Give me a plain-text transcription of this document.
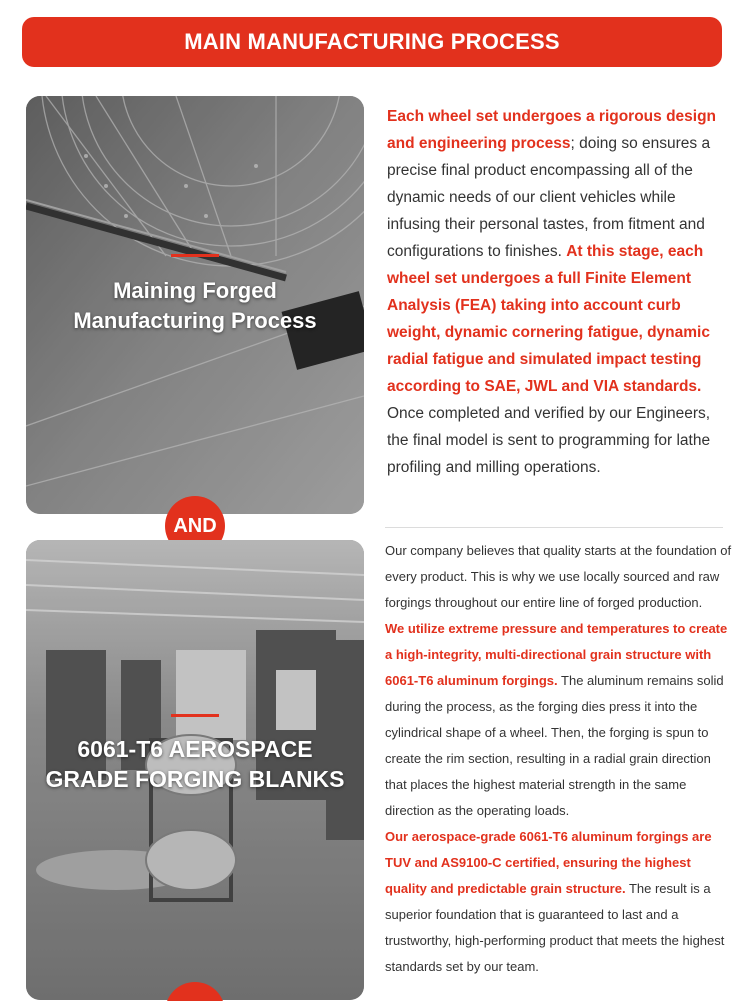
MAIN MANUFACTURING PROCESS
Maining Forged
Manufacturing Process
AND
6061-T6 AEROSPACE
GRADE FORGING BLANKS
Each wheel set undergoes a rigorous design and engineering process; doing so ensures a precise final product encompassing all of the dynamic needs of our client vehicles while infusing their personal tastes, from fitment and configurations to finishes. At this stage, each wheel set undergoes a full Finite Element Analysis (FEA) taking into account curb weight, dynamic cornering fatigue, dynamic radial fatigue and simulated impact testing according to SAE, JWL and VIA standards. Once completed and verified by our Engineers, the final model is sent to programming for lathe profiling and milling operations.
Our company believes that quality starts at the foundation of every product. This is why we use locally sourced and raw forgings throughout our entire line of forged production.
We utilize extreme pressure and temperatures to create a high-integrity, multi-directional grain structure with 6061-T6 aluminum forgings. The aluminum remains solid during the process, as the forging dies press it into the cylindrical shape of a wheel. Then, the forging is spun to create the rim section, resulting in a radial grain direction that places the highest material strength in the same direction as the operating loads.
Our aerospace-grade 6061-T6 aluminum forgings are TUV and AS9100-C certified, ensuring the highest quality and predictable grain structure. The result is a superior foundation that is guaranteed to last and a trustworthy, high-performing product that meets the highest standards set by our team.
